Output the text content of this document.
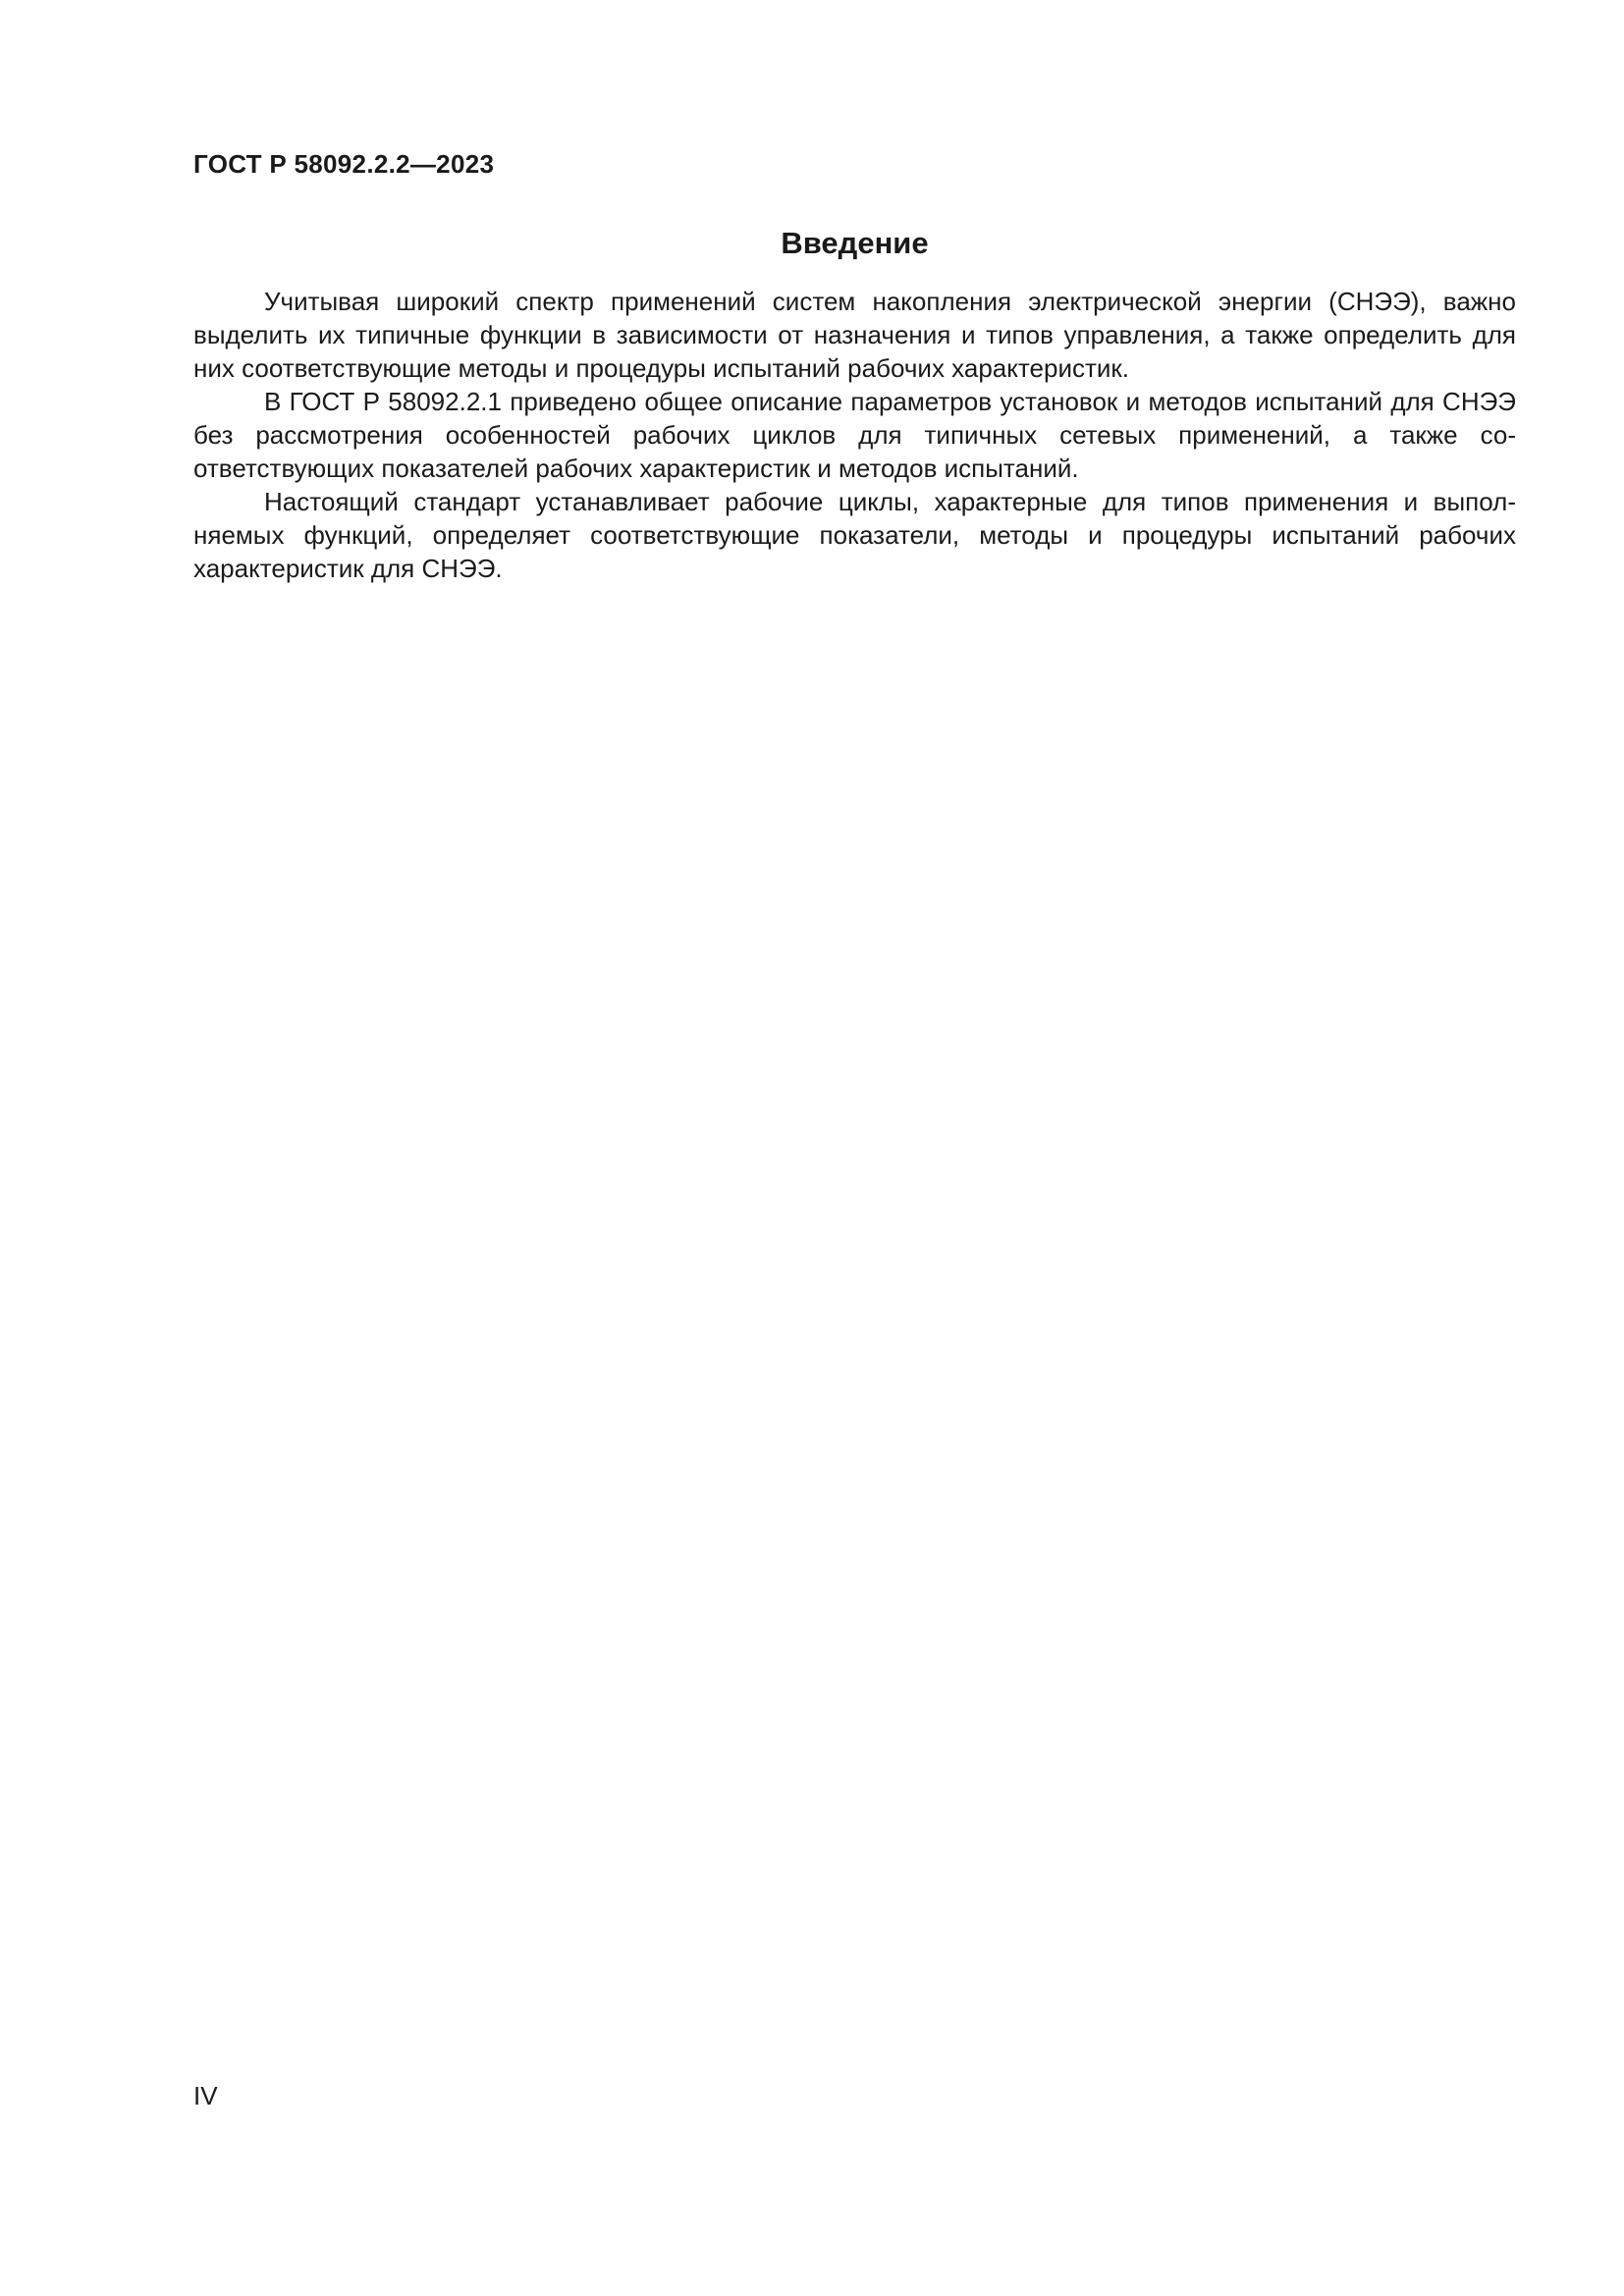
ГОСТ Р 58092.2.2—2023
Введение

Учитывая широкий спектр применений систем накопления электрической энергии (СНЭЭ), важно выделить их типичные функции в зависимости от назначения и типов управления, а также определить для них соответствующие методы и процедуры испытаний рабочих характеристик.

В ГОСТ Р 58092.2.1 приведено общее описание параметров установок и методов испытаний для СНЭЭ без рассмотрения особенностей рабочих циклов для типичных сетевых применений, а также соответствующих показателей рабочих характеристик и методов испытаний.

Настоящий стандарт устанавливает рабочие циклы, характерные для типов применения и выполняемых функций, определяет соответствующие показатели, методы и процедуры испытаний рабочих характеристик для СНЭЭ.

IV
